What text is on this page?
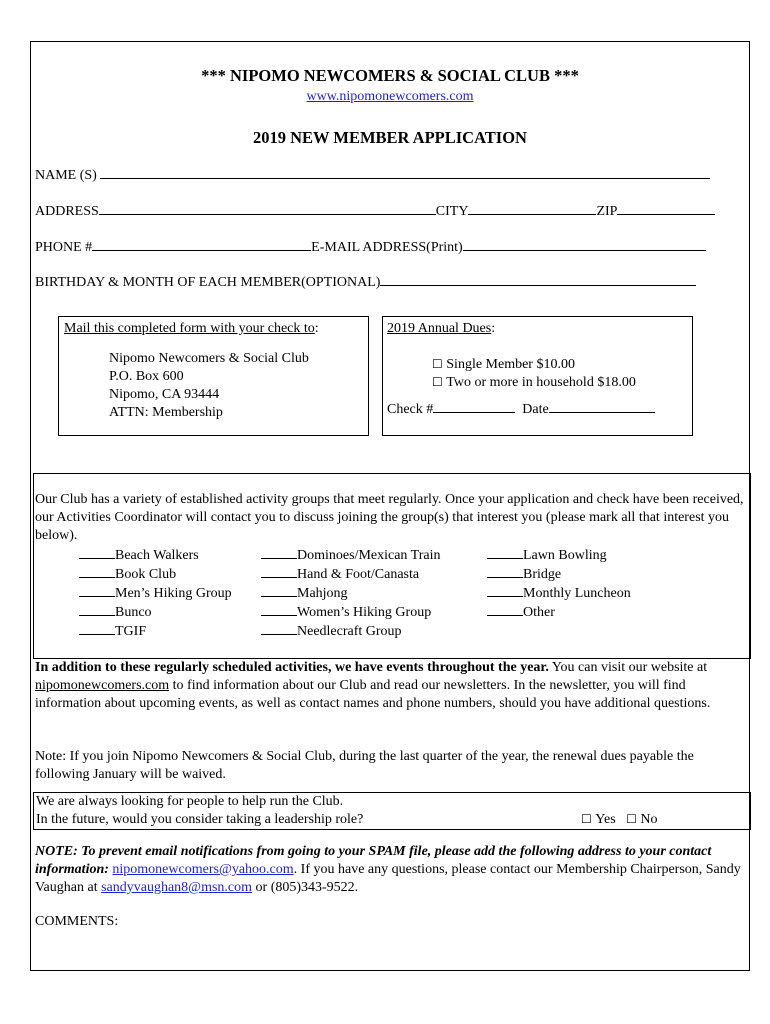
*** NIPOMO NEWCOMERS & SOCIAL CLUB ***
www.nipomonewcomers.com
2019 NEW MEMBER APPLICATION
NAME (S)
ADDRESS	CITY	ZIP
PHONE #	E-MAIL ADDRESS(Print)
BIRTHDAY & MONTH OF EACH MEMBER(OPTIONAL)
Mail this completed form with your check to:
Nipomo Newcomers & Social Club
P.O. Box 600
Nipomo, CA 93444
ATTN: Membership
2019 Annual Dues:
☐ Single Member $10.00
☐ Two or more in household $18.00
Check #	Date
Our Club has a variety of established activity groups that meet regularly. Once your application and check have been received, our Activities Coordinator will contact you to discuss joining the group(s) that interest you (please mark all that interest you below).
Beach Walkers
Book Club
Men’s Hiking Group
Bunco
TGIF
Dominoes/Mexican Train
Hand & Foot/Canasta
Mahjong
Women’s Hiking Group
Needlecraft Group
Lawn Bowling
Bridge
Monthly Luncheon
Other
In addition to these regularly scheduled activities, we have events throughout the year. You can visit our website at nipomonewcomers.com to find information about our Club and read our newsletters. In the newsletter, you will find information about upcoming events, as well as contact names and phone numbers, should you have additional questions.
Note: If you join Nipomo Newcomers & Social Club, during the last quarter of the year, the renewal dues payable the following January will be waived.
We are always looking for people to help run the Club.
In the future, would you consider taking a leadership role?	☐ Yes ☐ No
NOTE: To prevent email notifications from going to your SPAM file, please add the following address to your contact information: nipomonewcomers@yahoo.com. If you have any questions, please contact our Membership Chairperson, Sandy Vaughan at sandyvaughan8@msn.com or (805)343-9522.
COMMENTS:
